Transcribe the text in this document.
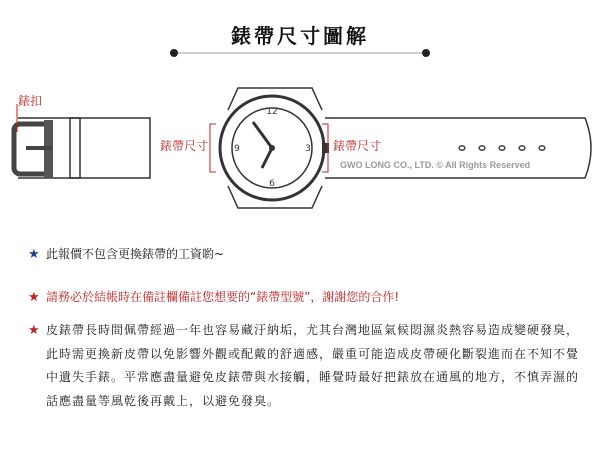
錶帶尺寸圖解
12
3
6
9
錶扣
錶帶尺寸	錶帶尺寸
GWO LONG CO., LTD. © All Rights Reserved
★ 此報價不包含更換錶帶的工資喲~
★ 請務必於結帳時在備註欄備註您想要的“錶帶型號”，謝謝您的合作!
★ 皮錶帶長時間佩帶經過一年也容易藏汙納垢，尤其台灣地區氣候悶濕炎熱容易造成變硬發臭，此時需更換新皮帶以免影響外觀或配戴的舒適感，嚴重可能造成皮帶硬化斷裂進而在不知不覺中遺失手錶。平常應盡量避免皮錶帶與水接觸，睡覺時最好把錶放在通風的地方，不慎弄濕的話應盡量等風乾後再戴上，以避免發臭。
